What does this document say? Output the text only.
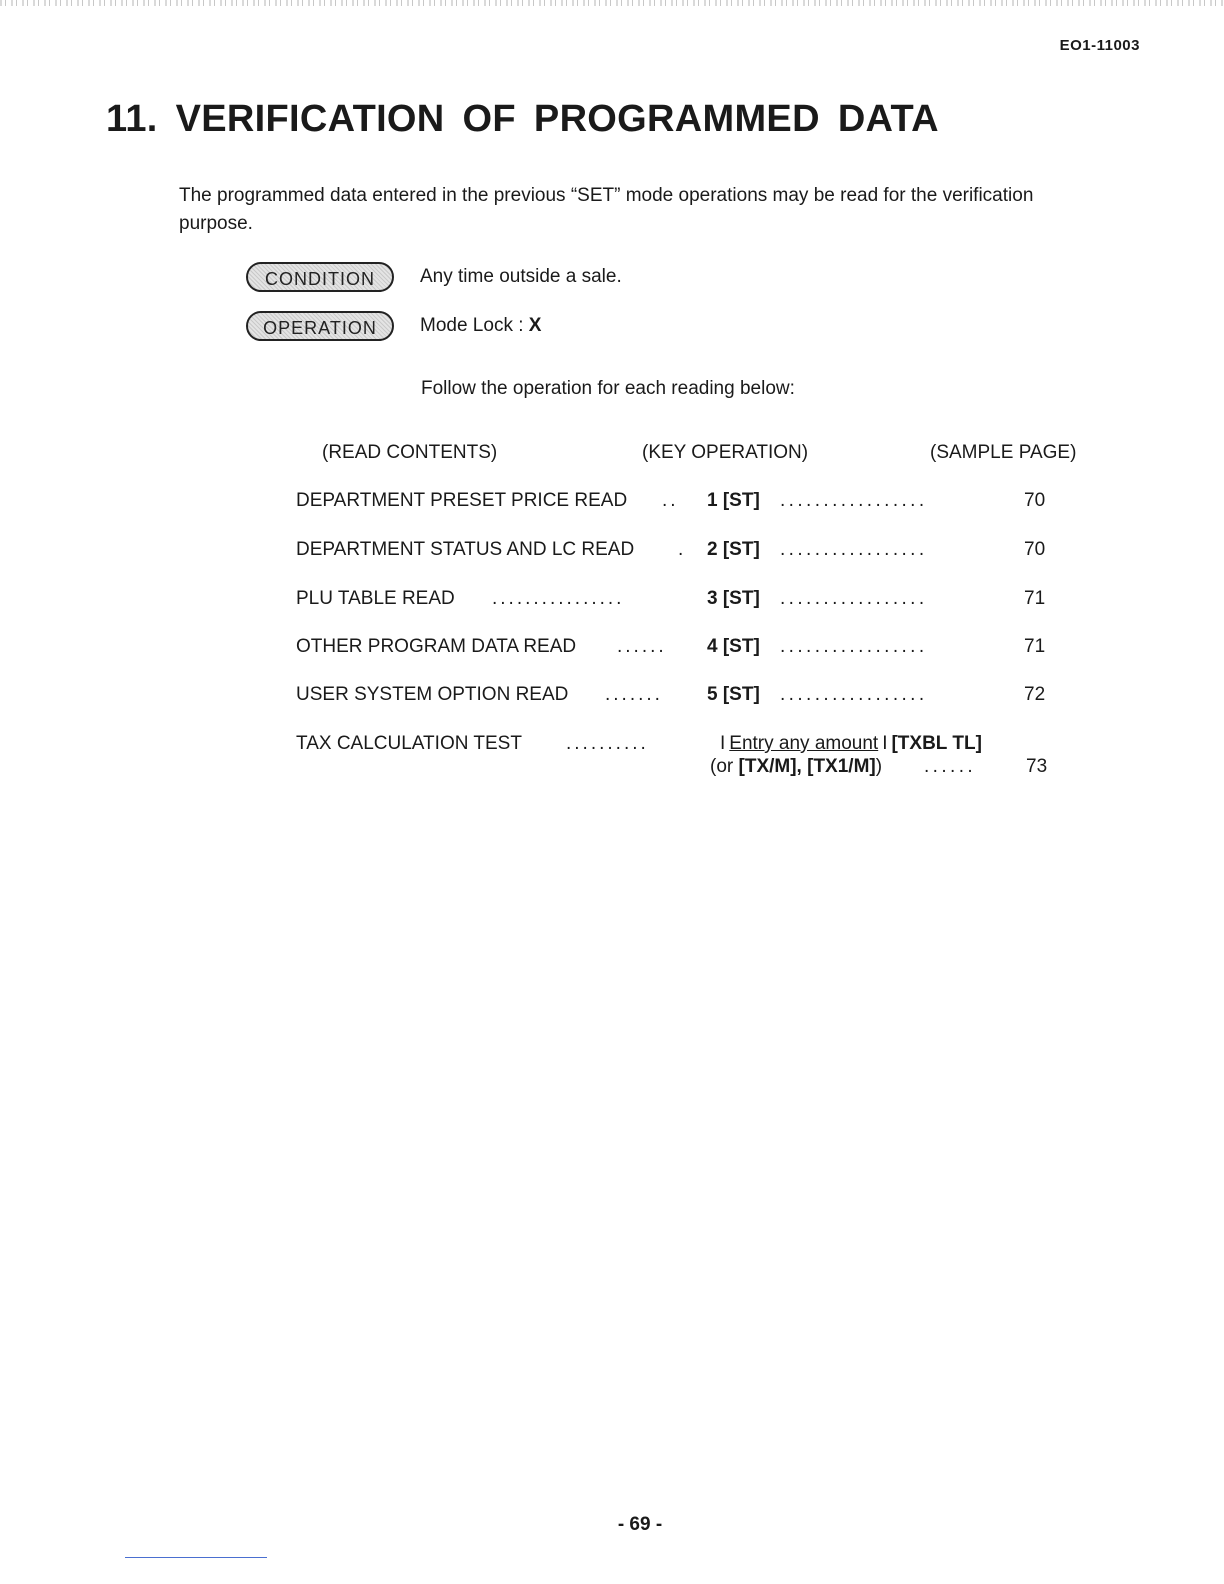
EO1-11003
11. VERIFICATION OF PROGRAMMED DATA
The programmed data entered in the previous “SET” mode operations may be read for the verification purpose.
CONDITION	Any time outside a sale.
OPERATION	Mode Lock : X
Follow the operation for each reading below:
(READ CONTENTS)	(KEY OPERATION)	(SAMPLE PAGE)
DEPARTMENT PRESET PRICE READ .. 1 [ST] .................	70
DEPARTMENT STATUS AND LC READ . 2 [ST] .................	70
PLU TABLE READ ................	3 [ST] .................	71
OTHER PROGRAM DATA READ ...... 4 [ST] .................	71
USER SYSTEM OPTION READ ....... 5 [ST] .................	72
TAX CALCULATION TEST ..........	I Entry any amount I [TXBL TL]
(or [TX/M], [TX1/M]) ......	73
- 69 -
